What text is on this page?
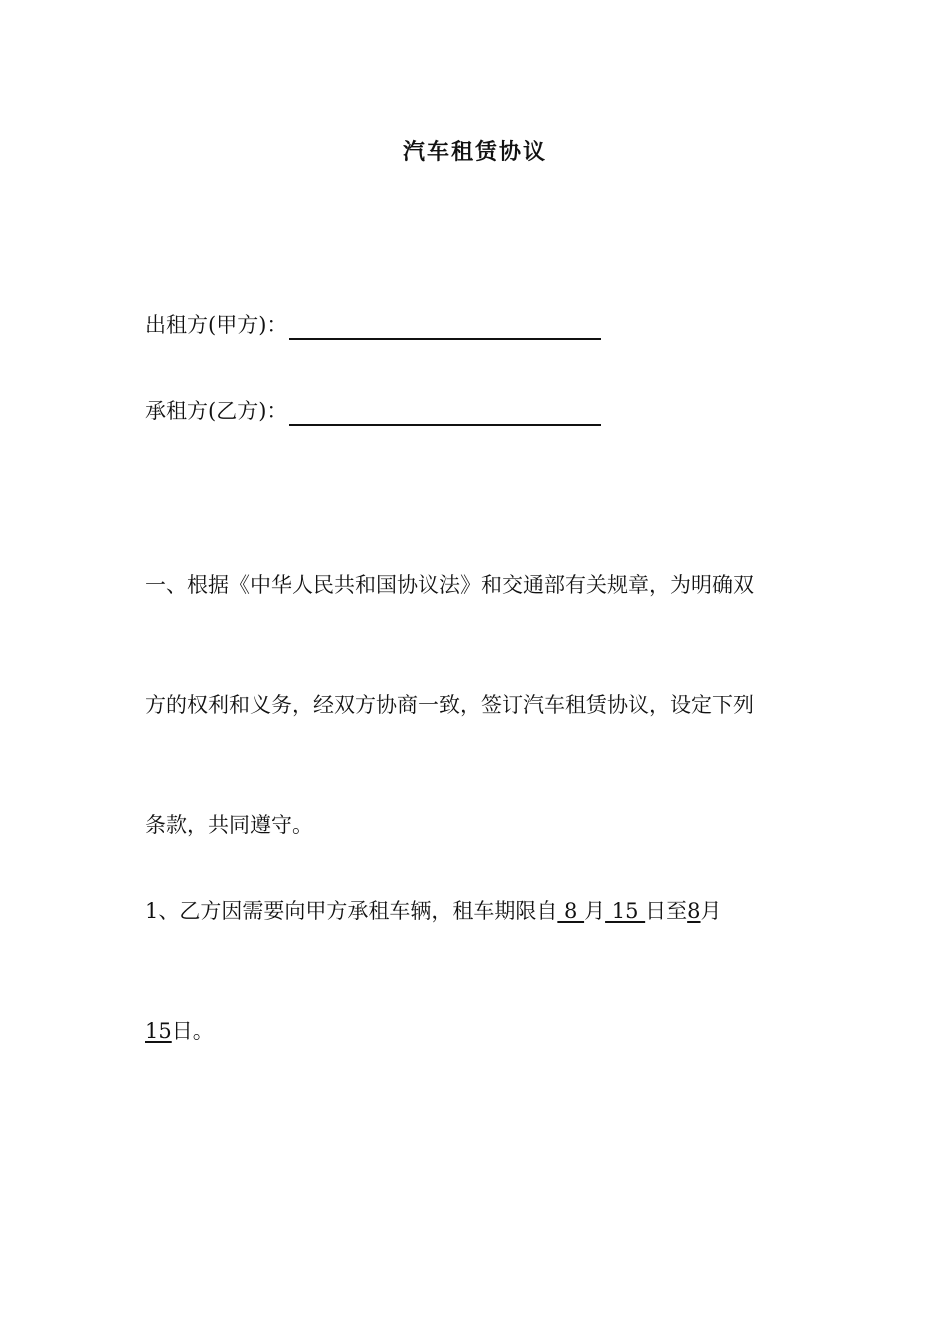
汽车租赁协议
出租方(甲方)：
承租方(乙方)：
一、根据《中华人民共和国协议法》和交通部有关规章，为明确双
方的权利和义务，经双方协商一致，签订汽车租赁协议，设定下列
条款，共同遵守。
1、乙方因需要向甲方承租车辆，租车期限自 8 月 15 日至8月
15日。
